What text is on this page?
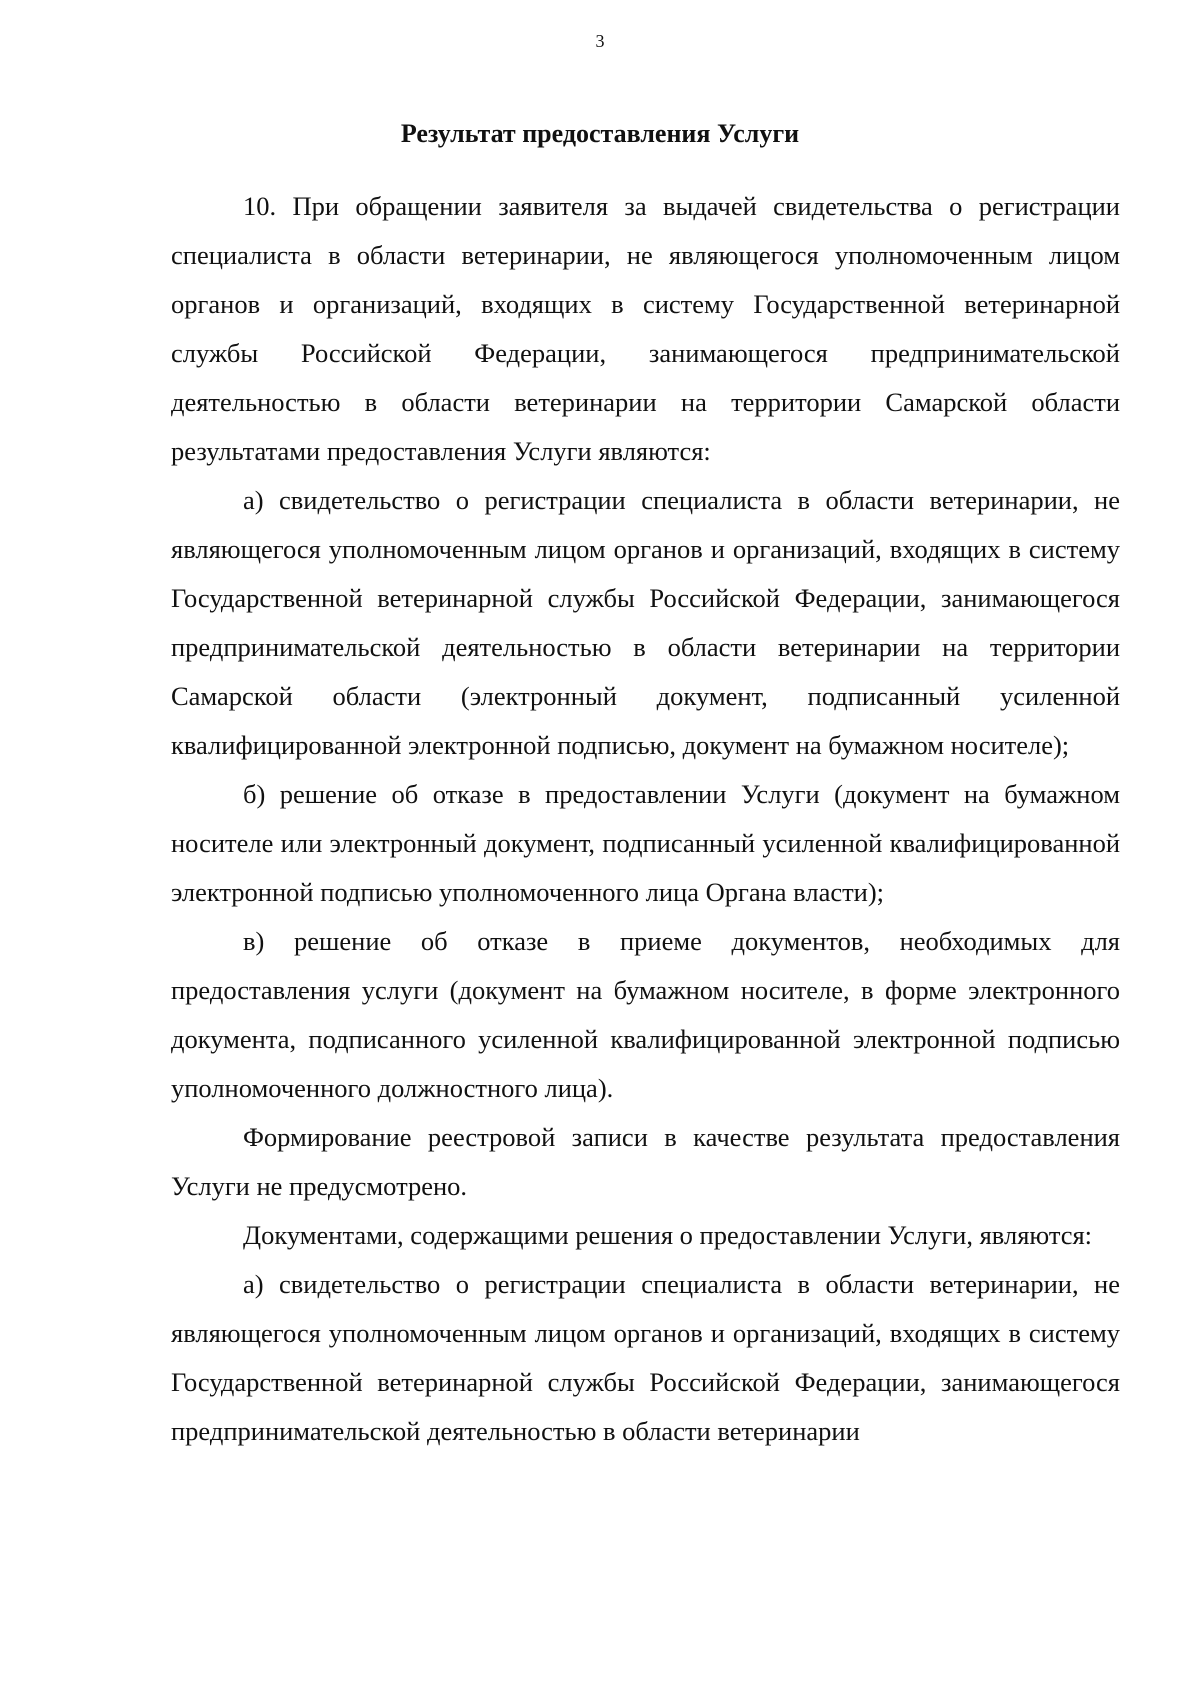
3
Результат предоставления Услуги

10. При обращении заявителя за выдачей свидетельства о регистрации специалиста в области ветеринарии, не являющегося уполномоченным лицом органов и организаций, входящих в систему Государственной ветеринарной службы Российской Федерации, занимающегося предпринимательской деятельностью в области ветеринарии на территории Самарской области результатами предоставления Услуги являются:

а) свидетельство о регистрации специалиста в области ветеринарии, не являющегося уполномоченным лицом органов и организаций, входящих в систему Государственной ветеринарной службы Российской Федерации, занимающегося предпринимательской деятельностью в области ветеринарии на территории Самарской области (электронный документ, подписанный усиленной квалифицированной электронной подписью, документ на бумажном носителе);

б) решение об отказе в предоставлении Услуги (документ на бумажном носителе или электронный документ, подписанный усиленной квалифицированной электронной подписью уполномоченного лица Органа власти);

в) решение об отказе в приеме документов, необходимых для предоставления услуги (документ на бумажном носителе, в форме электронного документа, подписанного усиленной квалифицированной электронной подписью уполномоченного должностного лица).

Формирование реестровой записи в качестве результата предоставления Услуги не предусмотрено.

Документами, содержащими решения о предоставлении Услуги, являются:

а) свидетельство о регистрации специалиста в области ветеринарии, не являющегося уполномоченным лицом органов и организаций, входящих в систему Государственной ветеринарной службы Российской Федерации, занимающегося предпринимательской деятельностью в области ветеринарии
